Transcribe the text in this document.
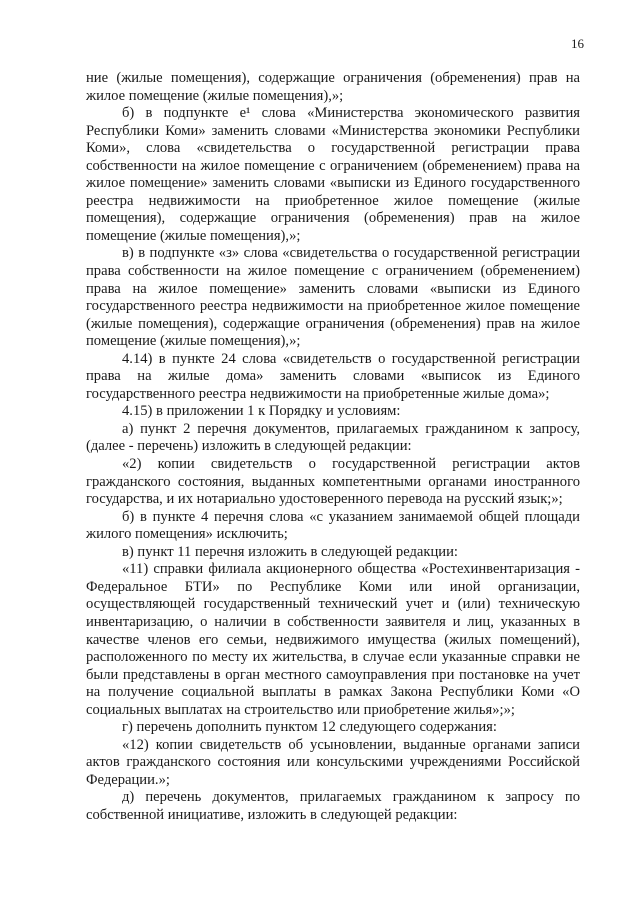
16

ние (жилые помещения), содержащие ограничения (обременения) прав на жилое помещение (жилые помещения),»;

б) в подпункте е¹ слова «Министерства экономического развития Республики Коми» заменить словами «Министерства экономики Республики Коми», слова «свидетельства о государственной регистрации права собственности на жилое помещение с ограничением (обременением) права на жилое помещение» заменить словами «выписки из Единого государственного реестра недвижимости на приобретенное жилое помещение (жилые помещения), содержащие ограничения (обременения) прав на жилое помещение (жилые помещения),»;

в) в подпункте «з» слова «свидетельства о государственной регистрации права собственности на жилое помещение с ограничением (обременением) права на жилое помещение» заменить словами «выписки из Единого государственного реестра недвижимости на приобретенное жилое помещение (жилые помещения), содержащие ограничения (обременения) прав на жилое помещение (жилые помещения),»;

4.14) в пункте 24 слова «свидетельств о государственной регистрации права на жилые дома» заменить словами «выписок из Единого государственного реестра недвижимости на приобретенные жилые дома»;

4.15) в приложении 1 к Порядку и условиям:

а) пункт 2 перечня документов, прилагаемых гражданином к запросу, (далее - перечень) изложить в следующей редакции:

«2) копии свидетельств о государственной регистрации актов гражданского состояния, выданных компетентными органами иностранного государства, и их нотариально удостоверенного перевода на русский язык;»;

б) в пункте 4 перечня слова «с указанием занимаемой общей площади жилого помещения» исключить;

в) пункт 11 перечня изложить в следующей редакции:

«11) справки филиала акционерного общества «Ростехинвентаризация - Федеральное БТИ» по Республике Коми или иной организации, осуществляющей государственный технический учет и (или) техническую инвентаризацию, о наличии в собственности заявителя и лиц, указанных в качестве членов его семьи, недвижимого имущества (жилых помещений), расположенного по месту их жительства, в случае если указанные справки не были представлены в орган местного самоуправления при постановке на учет на получение социальной выплаты в рамках Закона Республики Коми «О социальных выплатах на строительство или приобретение жилья»;»;

г) перечень дополнить пунктом 12 следующего содержания:

«12) копии свидетельств об усыновлении, выданные органами записи актов гражданского состояния или консульскими учреждениями Российской Федерации.»;

д) перечень документов, прилагаемых гражданином к запросу по собственной инициативе, изложить в следующей редакции:
